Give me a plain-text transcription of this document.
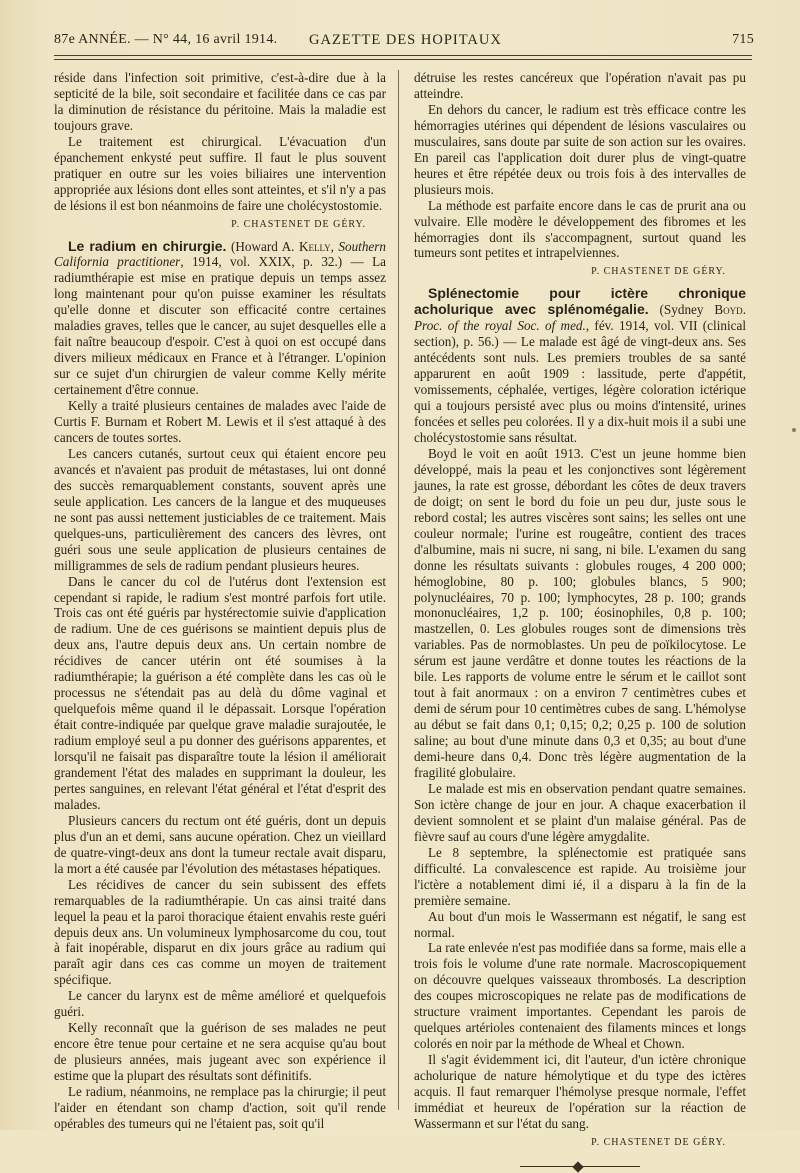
87e ANNÉE. — N° 44, 16 avril 1914. GAZETTE DES HOPITAUX	715

réside dans l'infection soit primitive, c'est-à-dire due à la septicité de la bile, soit secondaire et facilitée dans ce cas par la diminution de résistance du péritoine. Mais la maladie est toujours grave.

Le traitement est chirurgical. L'évacuation d'un épanchement enkysté peut suffire. Il faut le plus souvent pratiquer en outre sur les voies biliaires une intervention appropriée aux lésions dont elles sont atteintes, et s'il n'y a pas de lésions il est bon néanmoins de faire une cholécystostomie.

P. CHASTENET DE GÉRY.

Le radium en chirurgie. (Howard A. Kelly, Southern California practitioner, 1914, vol. XXIX, p. 32.) — La radiumthérapie est mise en pratique depuis un temps assez long maintenant pour qu'on puisse examiner les résultats qu'elle donne et discuter son efficacité contre certaines maladies graves, telles que le cancer, au sujet desquelles elle a fait naître beaucoup d'espoir. C'est à quoi on est occupé dans divers milieux médicaux en France et à l'étranger. L'opinion sur ce sujet d'un chirurgien de valeur comme Kelly mérite certainement d'être connue.

Kelly a traité plusieurs centaines de malades avec l'aide de Curtis F. Burnam et Robert M. Lewis et il s'est attaqué à des cancers de toutes sortes.

Les cancers cutanés, surtout ceux qui étaient encore peu avancés et n'avaient pas produit de métastases, lui ont donné des succès remarquablement constants, souvent après une seule application. Les cancers de la langue et des muqueuses ne sont pas aussi nettement justiciables de ce traitement. Mais quelques-uns, particulièrement des cancers des lèvres, ont guéri sous une seule application de plusieurs centaines de milligrammes de sels de radium pendant plusieurs heures.

Dans le cancer du col de l'utérus dont l'extension est cependant si rapide, le radium s'est montré parfois fort utile. Trois cas ont été guéris par hystérectomie suivie d'application de radium. Une de ces guérisons se maintient depuis plus de deux ans, l'autre depuis deux ans. Un certain nombre de récidives de cancer utérin ont été soumises à la radiumthérapie; la guérison a été complète dans les cas où le processus ne s'étendait pas au delà du dôme vaginal et quelquefois même quand il le dépassait. Lorsque l'opération était contre-indiquée par quelque grave maladie surajoutée, le radium employé seul a pu donner des guérisons apparentes, et lorsqu'il ne faisait pas disparaître toute la lésion il améliorait grandement l'état des malades en supprimant la douleur, les pertes sanguines, en relevant l'état général et l'état d'esprit des malades.

Plusieurs cancers du rectum ont été guéris, dont un depuis plus d'un an et demi, sans aucune opération. Chez un vieillard de quatre-vingt-deux ans dont la tumeur rectale avait disparu, la mort a été causée par l'évolution des métastases hépatiques.

Les récidives de cancer du sein subissent des effets remarquables de la radiumthérapie. Un cas ainsi traité dans lequel la peau et la paroi thoracique étaient envahis reste guéri depuis deux ans. Un volumineux lymphosarcome du cou, tout à fait inopérable, disparut en dix jours grâce au radium qui paraît agir dans ces cas comme un moyen de traitement spécifique.

Le cancer du larynx est de même amélioré et quelquefois guéri.

Kelly reconnaît que la guérison de ses malades ne peut encore être tenue pour certaine et ne sera acquise qu'au bout de plusieurs années, mais jugeant avec son expérience il estime que la plupart des résultats sont définitifs.

Le radium, néanmoins, ne remplace pas la chirurgie; il peut l'aider en étendant son champ d'action, soit qu'il rende opérables des tumeurs qui ne l'étaient pas, soit qu'il

détruise les restes cancéreux que l'opération n'avait pas pu atteindre.

En dehors du cancer, le radium est très efficace contre les hémorragies utérines qui dépendent de lésions vasculaires ou musculaires, sans doute par suite de son action sur les ovaires. En pareil cas l'application doit durer plus de vingt-quatre heures et être répétée deux ou trois fois à des intervalles de plusieurs mois.

La méthode est parfaite encore dans le cas de prurit ana ou vulvaire. Elle modère le développement des fibromes et les hémorragies dont ils s'accompagnent, surtout quand les tumeurs sont petites et intrapelviennes.

P. CHASTENET DE GÉRY.

Splénectomie pour ictère chronique acholurique avec splénomégalie. (Sydney Boyd. Proc. of the royal Soc. of med., fév. 1914, vol. VII (clinical section), p. 56.) — Le malade est âgé de vingt-deux ans. Ses antécédents sont nuls. Les premiers troubles de sa santé apparurent en août 1909 : lassitude, perte d'appétit, vomissements, céphalée, vertiges, légère coloration ictérique qui a toujours persisté avec plus ou moins d'intensité, urines foncées et selles peu colorées. Il y a dix-huit mois il a subi une cholécystostomie sans résultat.

Boyd le voit en août 1913. C'est un jeune homme bien développé, mais la peau et les conjonctives sont légèrement jaunes, la rate est grosse, débordant les côtes de deux travers de doigt; on sent le bord du foie un peu dur, juste sous le rebord costal; les autres viscères sont sains; les selles ont une couleur normale; l'urine est rougeâtre, contient des traces d'albumine, mais ni sucre, ni sang, ni bile. L'examen du sang donne les résultats suivants : globules rouges, 4 200 000; hémoglobine, 80 p. 100; globules blancs, 5 900; polynucléaires, 70 p. 100; lymphocytes, 28 p. 100; grands mononucléaires, 1,2 p. 100; éosinophiles, 0,8 p. 100; mastzellen, 0. Les globules rouges sont de dimensions très variables. Pas de normoblastes. Un peu de poïkilocytose. Le sérum est jaune verdâtre et donne toutes les réactions de la bile. Les rapports de volume entre le sérum et le caillot sont tout à fait anormaux : on a environ 7 centimètres cubes et demi de sérum pour 10 centimètres cubes de sang. L'hémolyse au début se fait dans 0,1; 0,15; 0,2; 0,25 p. 100 de solution saline; au bout d'une minute dans 0,3 et 0,35; au bout d'une demi-heure dans 0,4. Donc très légère augmentation de la fragilité globulaire.

Le malade est mis en observation pendant quatre semaines. Son ictère change de jour en jour. A chaque exacerbation il devient somnolent et se plaint d'un malaise général. Pas de fièvre sauf au cours d'une légère amygdalite.

Le 8 septembre, la splénectomie est pratiquée sans difficulté. La convalescence est rapide. Au troisième jour l'ictère a notablement dimi ié, il a disparu à la fin de la première semaine.

Au bout d'un mois le Wassermann est négatif, le sang est normal.

La rate enlevée n'est pas modifiée dans sa forme, mais elle a trois fois le volume d'une rate normale. Macroscopiquement on découvre quelques vaisseaux thrombosés. La description des coupes microscopiques ne relate pas de modifications de structure vraiment importantes. Cependant les parois de quelques artérioles contenaient des filaments minces et longs colorés en noir par la méthode de Wheal et Chown.

Il s'agit évidemment ici, dit l'auteur, d'un ictère chronique acholurique de nature hémolytique et du type des ictères acquis. Il faut remarquer l'hémolyse presque normale, l'effet immédiat et heureux de l'opération sur la réaction de Wassermann et sur l'état du sang.

P. CHASTENET DE GÉRY.
